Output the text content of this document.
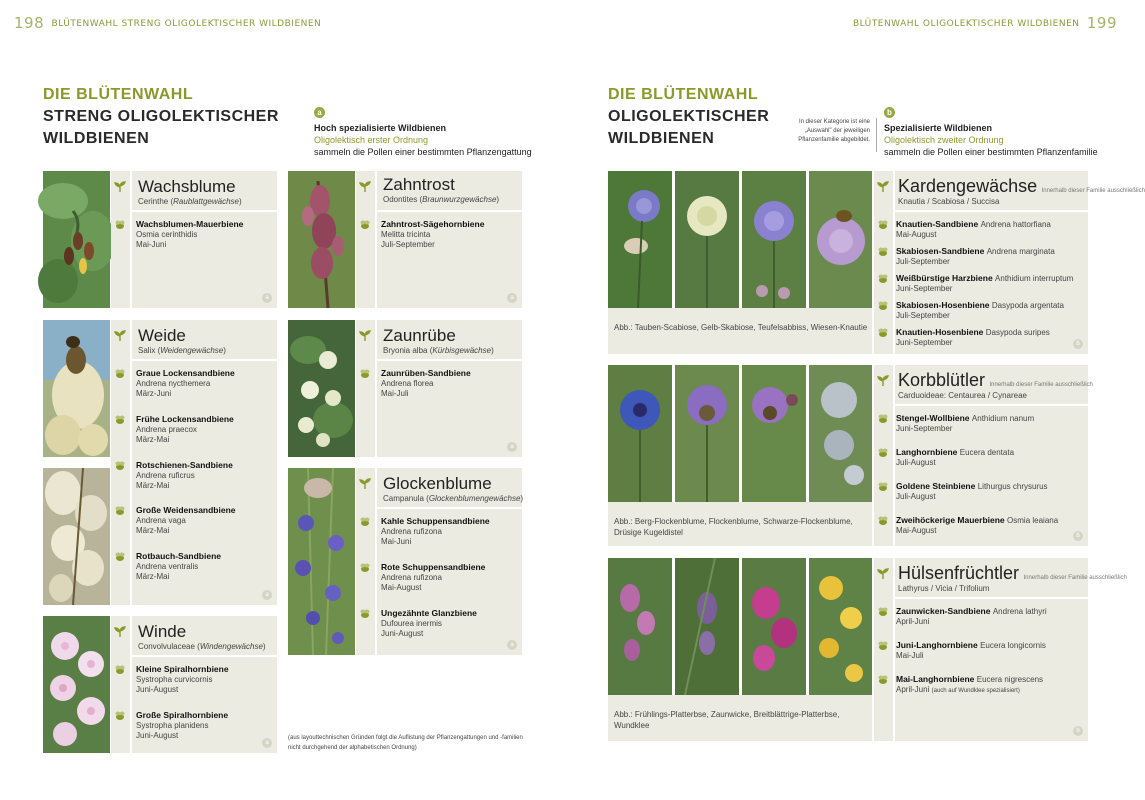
198 BLÜTENWAHL STRENG OLIGOLEKTISCHER WILDBIENEN
DIE BLÜTENWAHL
STRENG OLIGOLEKTISCHER
WILDBIENEN
a
Hoch spezialisierte Wildbienen
Oligolektisch erster Ordnung
sammeln die Pollen einer bestimmten Pflanzengattung
Wachsblume
Cerinthe (Raublattgewächse)
Wachsblumen-Mauerbiene
Osmia cerinthidis
Mai-Juni
a
Weide
Salix (Weidengewächse)
Graue Lockensandbiene
Andrena nycthemera
März-Juni
Frühe Lockensandbiene
Andrena praecox
März-Mai
Rotschienen-Sandbiene
Andrena ruficrus
März-Mai
Große Weidensandbiene
Andrena vaga
März-Mai
Rotbauch-Sandbiene
Andrena ventralis
März-Mai
a
Winde
Convolvulaceae (Windengewächse)
Kleine Spiralhornbiene
Systropha curvicornis
Juni-August
Große Spiralhornbiene
Systropha planidens
Juni-August
a
Zahntrost
Odontites (Braunwurzgewächse)
Zahntrost-Sägehornbiene
Melitta tricinta
Juli-September
a
Zaunrübe
Bryonia alba (Kürbisgewächse)
Zaunrüben-Sandbiene
Andrena florea
Mai-Juli
a
Glockenblume
Campanula (Glockenblumengewächse)
Kahle Schuppensandbiene
Andrena rufizona
Mai-Juni
Rote Schuppensandbiene
Andrena rufizona
Mai-August
Ungezähnte Glanzbiene
Dufourea inermis
Juni-August
a
(aus layouttechnischen Gründen folgt die Auflistung der Pflanzengattungen und -familien
nicht durchgehend der alphabetischen Ordnung)
BLÜTENWAHL OLIGOLEKTISCHER WILDBIENEN 199
DIE BLÜTENWAHL
OLIGOLEKTISCHER
WILDBIENEN
In dieser Kategorie ist eine
„Auswahl" der jeweiligen
Pflanzenfamilie abgebildet.
b
Spezialisierte Wildbienen
Oligolektisch zweiter Ordnung
sammeln die Pollen einer bestimmten Pflanzenfamilie
Abb.: Tauben-Scabiose, Gelb-Skabiose, Teufelsabbiss, Wiesen-Knautie
Kardengewächse Innerhalb dieser Familie ausschließlich
Knautia / Scabiosa / Succisa
Knautien-Sandbiene Andrena hattorfiana
Mai-August
Skabiosen-Sandbiene Andrena marginata
Juli-September
Weißbürstige Harzbiene Anthidium interruptum
Juni-September
Skabiosen-Hosenbiene Dasypoda argentata
Juli-September
Knautien-Hosenbiene Dasypoda suripes
Juni-September	b
Abb.: Berg-Flockenblume, Flockenblume, Schwarze-Flockenblume,
Drüsige Kugeldistel
Korbblütler Innerhalb dieser Familie ausschließlich
Carduoideae: Centaurea / Cynareae
Stengel-Wollbiene Anthidium nanum
Juni-September
Langhornbiene Eucera dentata
Juli-August
Goldene Steinbiene Lithurgus chrysurus
Juli-August
Zweihöckerige Mauerbiene Osmia leaiana
Mai-August
b
Abb.: Frühlings-Platterbse, Zaunwicke, Breitblättrige-Platterbse, Wundklee
Hülsenfrüchtler Innerhalb dieser Familie ausschließlich
Lathyrus / Vicia / Trifolium
Zaunwicken-Sandbiene Andrena lathyri
April-Juni
Juni-Langhornbiene Eucera longicornis
Mai-Juli
Mai-Langhornbiene Eucera nigrescens
April-Juni (auch auf Wundklee spezialisiert)
b
